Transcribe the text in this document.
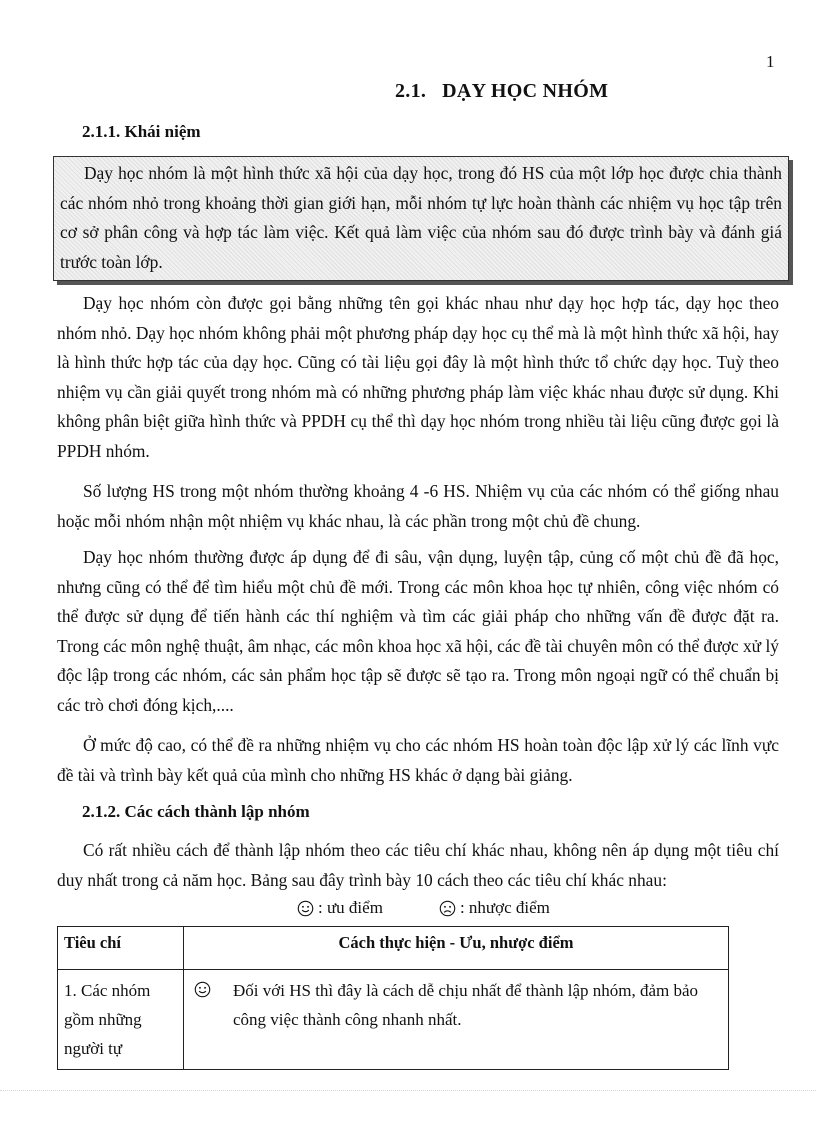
1
2.1.   DẠY HỌC NHÓM
2.1.1. Khái niệm

Dạy học nhóm là một hình thức xã hội của dạy học, trong đó HS của một lớp học được chia thành các nhóm nhỏ trong khoảng thời gian giới hạn, mỗi nhóm tự lực hoàn thành các nhiệm vụ học tập trên cơ sở phân công và hợp tác làm việc. Kết quả làm việc của nhóm sau đó được trình bày và đánh giá trước toàn lớp.

Dạy học nhóm còn được gọi bằng những tên gọi khác nhau như dạy học hợp tác, dạy học theo nhóm nhỏ. Dạy học nhóm không phải một phương pháp dạy học cụ thể mà là một hình thức xã hội, hay là hình thức hợp tác của dạy học. Cũng có tài liệu gọi đây là một hình thức tổ chức dạy học. Tuỳ theo nhiệm vụ cần giải quyết trong nhóm mà có những phương pháp làm việc khác nhau được sử dụng. Khi không phân biệt giữa hình thức và PPDH cụ thể thì dạy học nhóm trong nhiều tài liệu cũng được gọi là PPDH nhóm.

Số lượng HS trong một nhóm thường khoảng 4 -6 HS. Nhiệm vụ của các nhóm có thể giống nhau hoặc mỗi nhóm nhận một nhiệm vụ khác nhau, là các phần trong một chủ đề chung.

Dạy học nhóm thường được áp dụng để đi sâu, vận dụng, luyện tập, củng cố một chủ đề đã học, nhưng cũng có thể để tìm hiểu một chủ đề mới. Trong các môn khoa học tự nhiên, công việc nhóm có thể được sử dụng để tiến hành các thí nghiệm và tìm các giải pháp cho những vấn đề được đặt ra. Trong các môn nghệ thuật, âm nhạc, các môn khoa học xã hội, các đề tài chuyên môn có thể được xử lý độc lập trong các nhóm, các sản phẩm học tập sẽ được sẽ tạo ra. Trong môn ngoại ngữ có thể chuẩn bị các trò chơi đóng kịch,....

Ở mức độ cao, có thể đề ra những nhiệm vụ cho các nhóm HS hoàn toàn độc lập xử lý các lĩnh vực đề tài và trình bày kết quả của mình cho những HS khác ở dạng bài giảng.

2.1.2. Các cách thành lập nhóm

Có rất nhiều cách để thành lập nhóm theo các tiêu chí khác nhau, không nên áp dụng một tiêu chí duy nhất trong cả năm học. Bảng sau đây trình bày 10 cách theo các tiêu chí khác nhau:

: ưu điểm	: nhược điểm
Tiêu chí	Cách thực hiện - Ưu, nhược điểm
1. Các nhóm gồm những người tự	Đối với HS thì đây là cách dễ chịu nhất để thành lập nhóm, đảm bảo công việc thành công nhanh nhất.
